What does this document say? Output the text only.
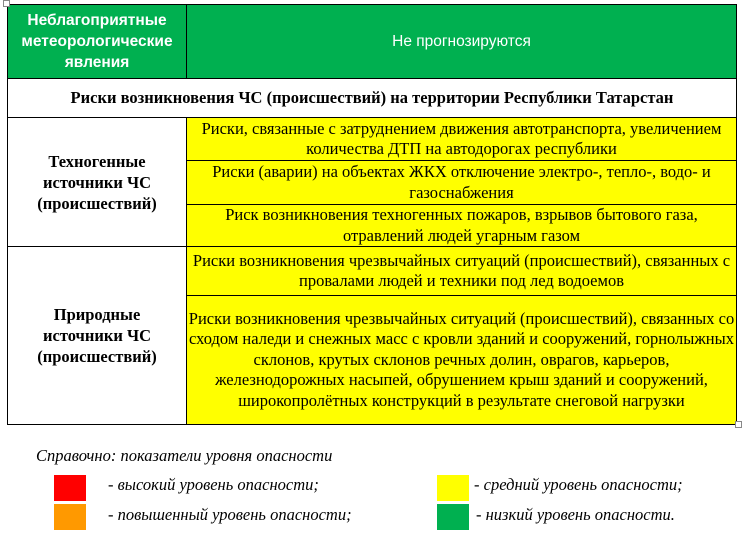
Неблагоприятные метеорологические явления	Не прогнозируются
Риски возникновения ЧС (происшествий) на территории Республики Татарстан	
Техногенные источники ЧС (происшествий)	Риски, связанные с затруднением движения автотранспорта, увеличением количества ДТП на автодорогах республики
	Риски (аварии) на объектах ЖКХ отключение электро-, тепло-, водо- и газоснабжения
	Риск возникновения техногенных пожаров, взрывов бытового газа, отравлений людей угарным газом
Природные источники ЧС (происшествий)	Риски возникновения чрезвычайных ситуаций (происшествий), связанных с провалами людей и техники под лед водоемов
	Риски возникновения чрезвычайных ситуаций (происшествий), связанных со сходом наледи и снежных масс с кровли зданий и сооружений, горнолыжных склонов, крутых склонов речных долин, оврагов, карьеров, железнодорожных насыпей, обрушением крыш зданий и сооружений, широкопролётных конструкций в результате снеговой нагрузки
Справочно: показатели уровня опасности
- высокий уровень опасности;
- повышенный уровень опасности;
- средний уровень опасности;
- низкий уровень опасности.
